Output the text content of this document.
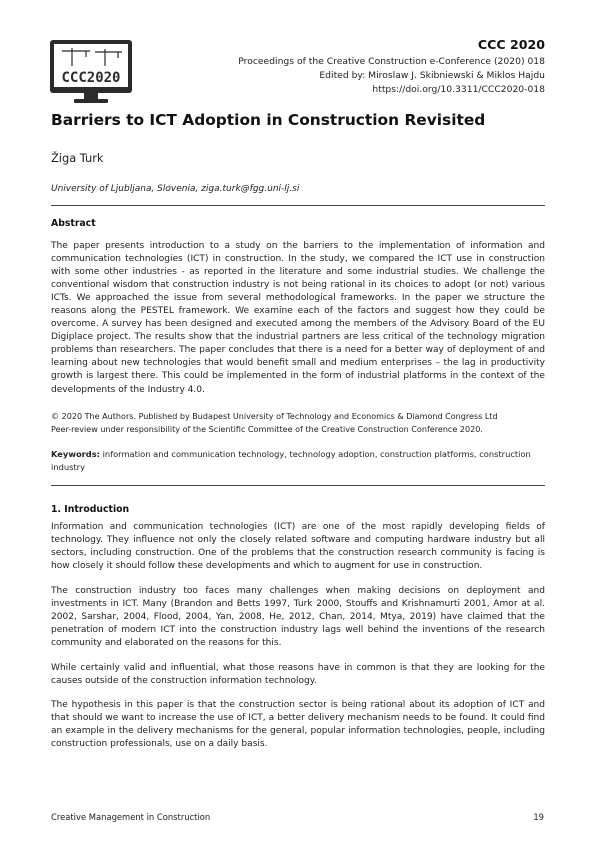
CCC2020
CCC 2020
Proceedings of the Creative Construction e-Conference (2020) 018
Edited by: Miroslaw J. Skibniewski & Miklos Hajdu
https://doi.org/10.3311/CCC2020-018
Barriers to ICT Adoption in Construction Revisited
Žiga Turk
University of Ljubljana, Slovenia, ziga.turk@fgg.uni-lj.si
Abstract

The paper presents introduction to a study on the barriers to the implementation of information and communication technologies (ICT) in construction. In the study, we compared the ICT use in construction with some other industries - as reported in the literature and some industrial studies. We challenge the conventional wisdom that construction industry is not being rational in its choices to adopt (or not) various ICTs. We approached the issue from several methodological frameworks. In the paper we structure the reasons along the PESTEL framework. We examine each of the factors and suggest how they could be overcome. A survey has been designed and executed among the members of the Advisory Board of the EU Digiplace project. The results show that the industrial partners are less critical of the technology migration problems than researchers. The paper concludes that there is a need for a better way of deployment of and learning about new technologies that would benefit small and medium enterprises – the lag in productivity growth is largest there. This could be implemented in the form of industrial platforms in the context of the developments of the Industry 4.0.

© 2020 The Authors. Published by Budapest University of Technology and Economics & Diamond Congress Ltd

Peer-review under responsibility of the Scientific Committee of the Creative Construction Conference 2020.

Keywords: information and communication technology, technology adoption, construction platforms, construction industry

1. Introduction

Information and communication technologies (ICT) are one of the most rapidly developing fields of technology. They influence not only the closely related software and computing hardware industry but all sectors, including construction. One of the problems that the construction research community is facing is how closely it should follow these developments and which to augment for use in construction.

The construction industry too faces many challenges when making decisions on deployment and investments in ICT. Many (Brandon and Betts 1997, Turk 2000, Stouffs and Krishnamurti 2001, Amor at al. 2002, Sarshar, 2004, Flood, 2004, Yan, 2008, He, 2012, Chan, 2014, Mtya, 2019) have claimed that the penetration of modern ICT into the construction industry lags well behind the inventions of the research community and elaborated on the reasons for this.

While certainly valid and influential, what those reasons have in common is that they are looking for the causes outside of the construction information technology.

The hypothesis in this paper is that the construction sector is being rational about its adoption of ICT and that should we want to increase the use of ICT, a better delivery mechanism needs to be found. It could find an example in the delivery mechanisms for the general, popular information technologies, people, including construction professionals, use on a daily basis.

Creative Management in Construction	19
